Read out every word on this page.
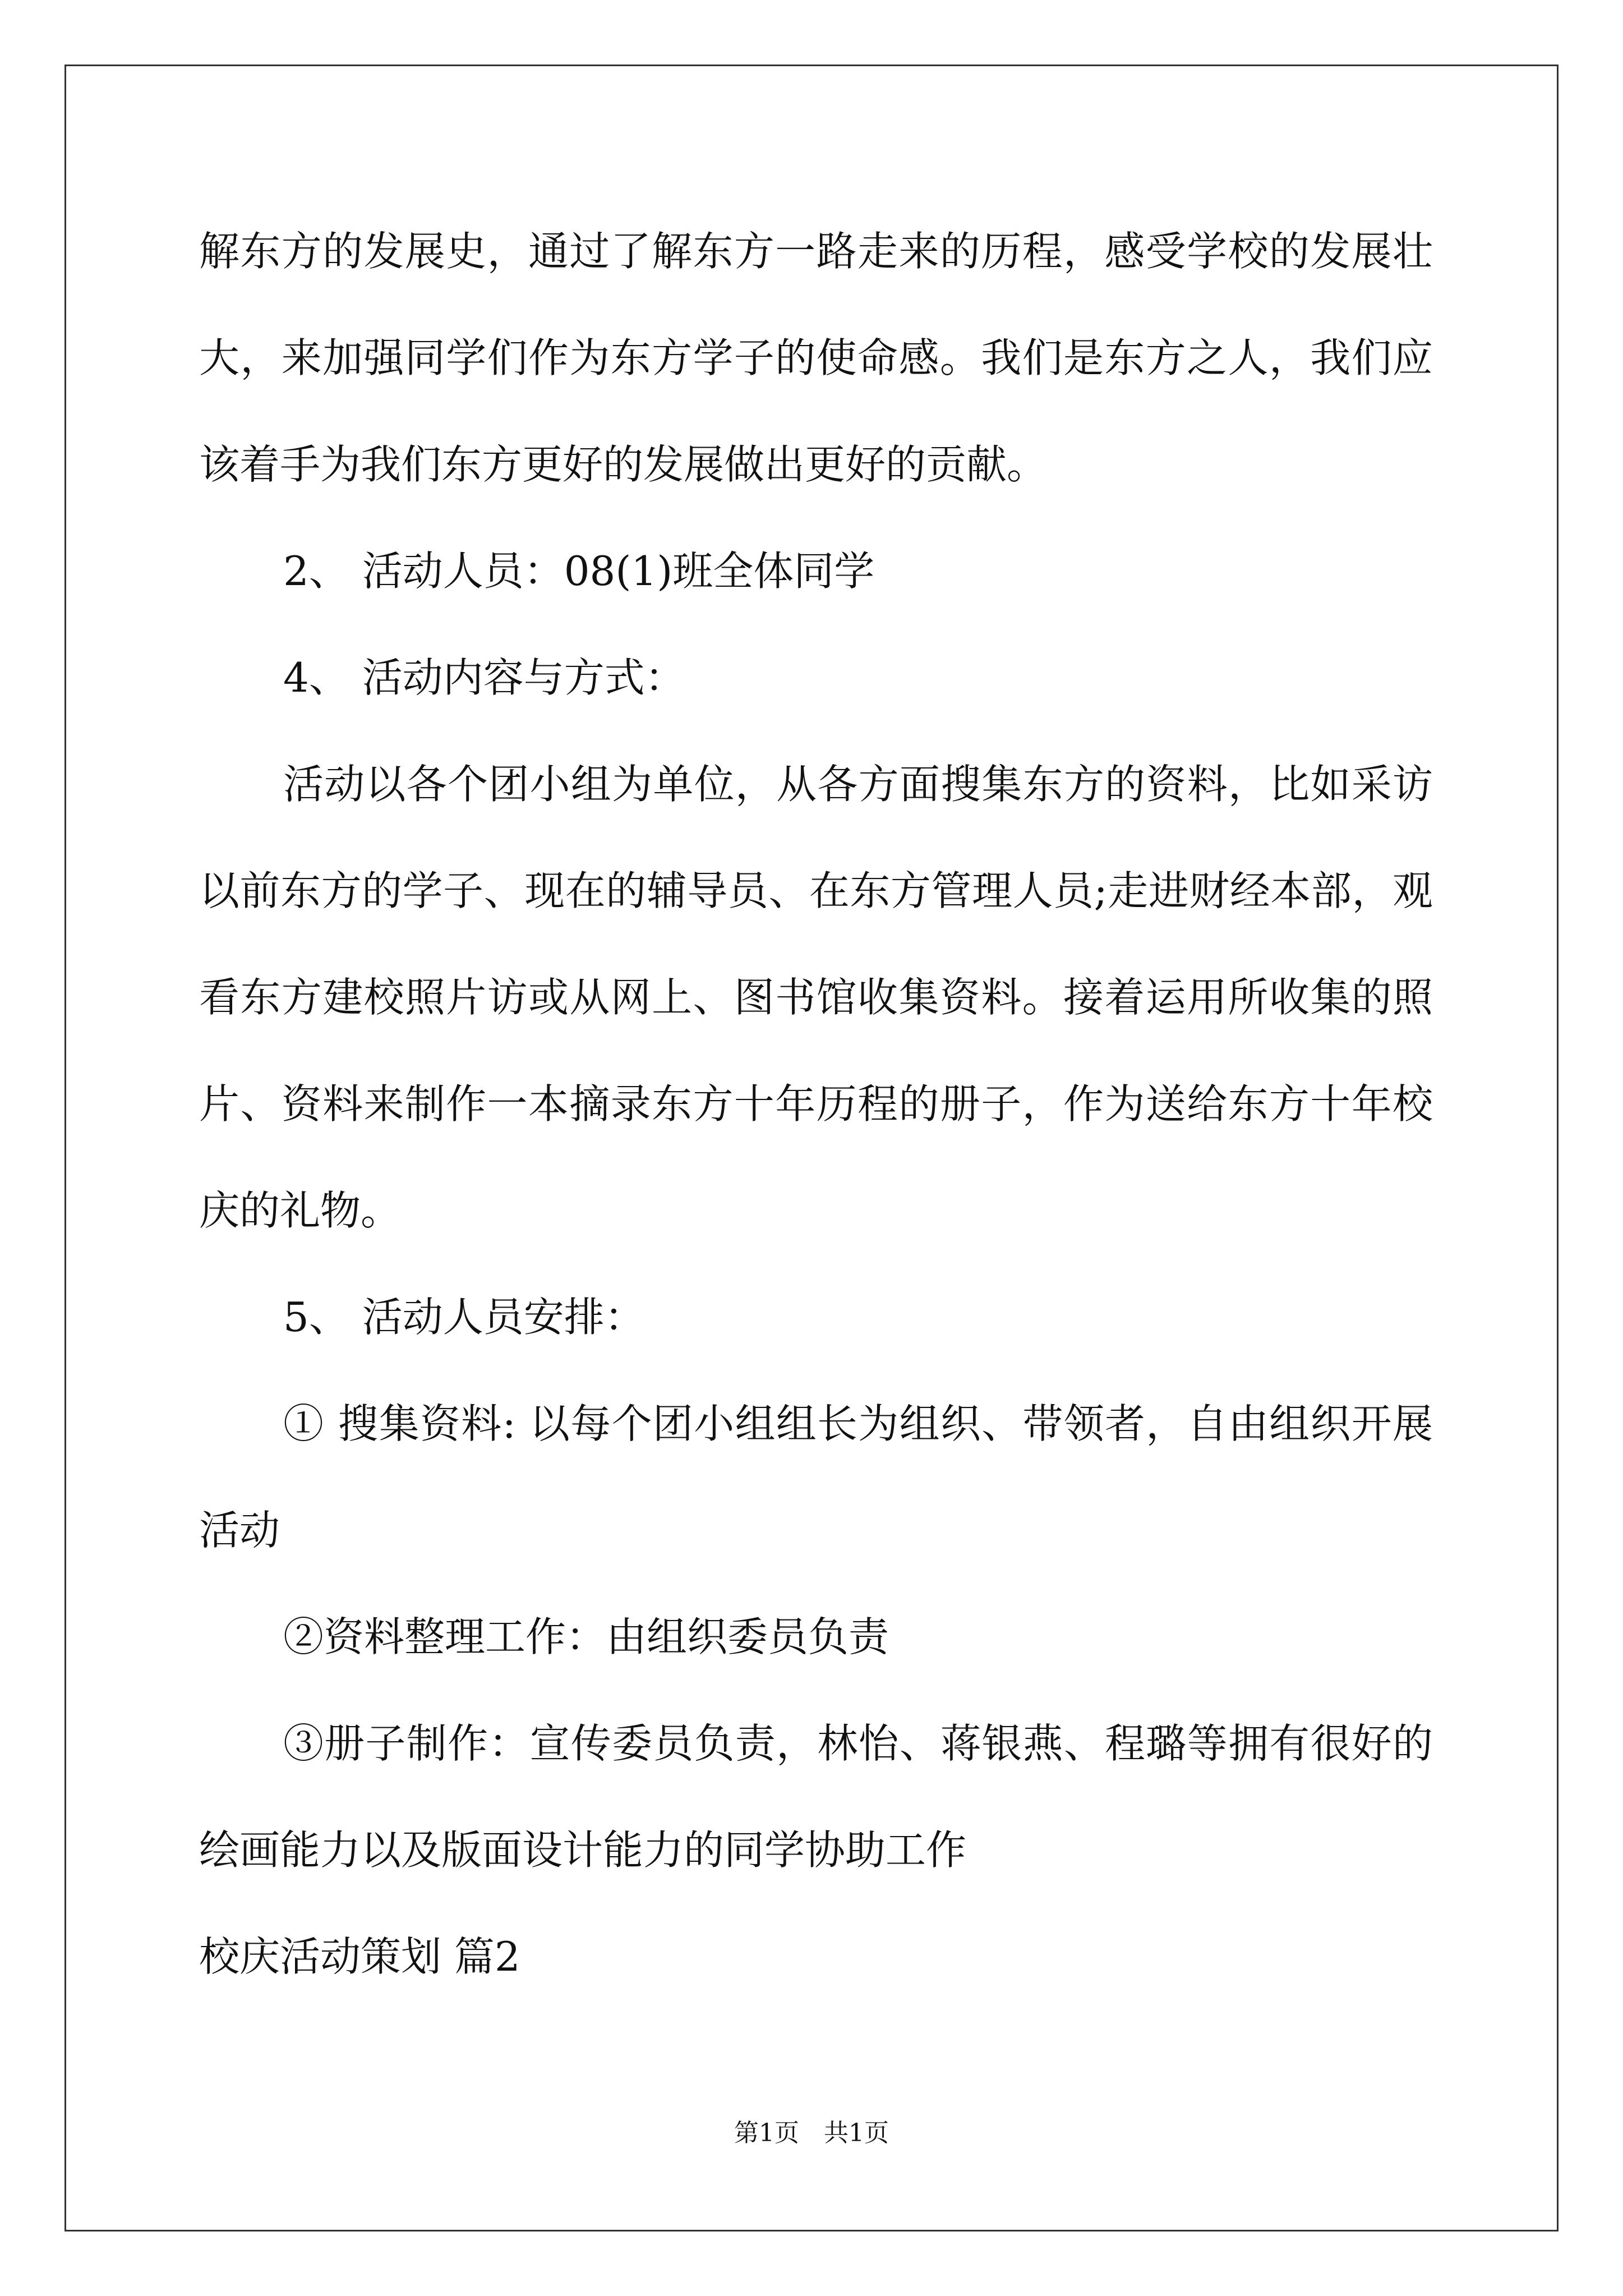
解东方的发展史，通过了解东方一路走来的历程，感受学校的发展壮
大，来加强同学们作为东方学子的使命感。我们是东方之人，我们应
该着手为我们东方更好的发展做出更好的贡献。
2、 活动人员：08(1)班全体同学
4、 活动内容与方式：
活动以各个团小组为单位，从各方面搜集东方的资料，比如采访
以前东方的学子、现在的辅导员、在东方管理人员;走进财经本部，观
看东方建校照片访或从网上、图书馆收集资料。接着运用所收集的照
片、资料来制作一本摘录东方十年历程的册子，作为送给东方十年校
庆的礼物。
5、 活动人员安排：
① 搜集资料: 以每个团小组组长为组织、带领者，自由组织开展
活动
②资料整理工作：由组织委员负责
③册子制作：宣传委员负责，林怡、蒋银燕、程璐等拥有很好的
绘画能力以及版面设计能力的同学协助工作
校庆活动策划 篇2
第1页　共1页
